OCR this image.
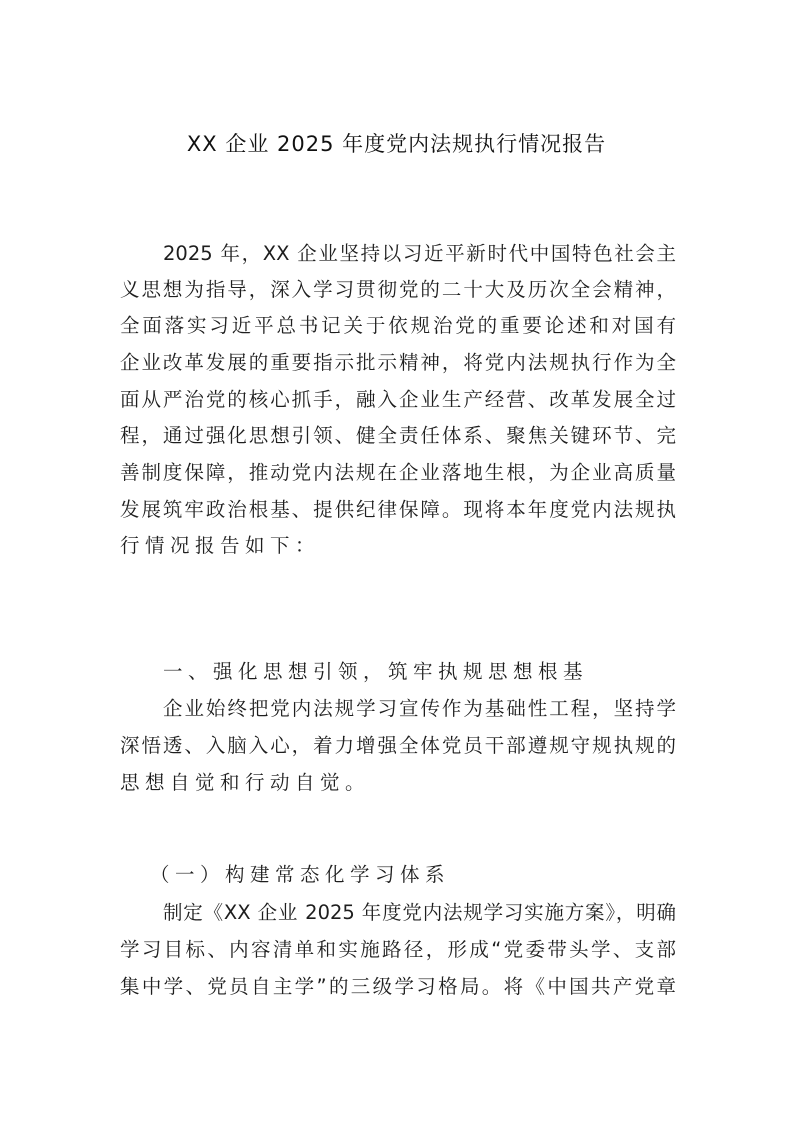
XX 企业 2025 年度党内法规执行情况报告
2025 年，XX 企业坚持以习近平新时代中国特色社会主
义思想为指导，深入学习贯彻党的二十大及历次全会精神，
全面落实习近平总书记关于依规治党的重要论述和对国有
企业改革发展的重要指示批示精神，将党内法规执行作为全
面从严治党的核心抓手，融入企业生产经营、改革发展全过
程，通过强化思想引领、健全责任体系、聚焦关键环节、完
善制度保障，推动党内法规在企业落地生根，为企业高质量
发展筑牢政治根基、提供纪律保障。现将本年度党内法规执
行情况报告如下：
一、强化思想引领，筑牢执规思想根基
企业始终把党内法规学习宣传作为基础性工程，坚持学
深悟透、入脑入心，着力增强全体党员干部遵规守规执规的
思想自觉和行动自觉。
（一）构建常态化学习体系
制定《XX 企业 2025 年度党内法规学习实施方案》，明确
学习目标、内容清单和实施路径，形成“党委带头学、支部
集中学、党员自主学”的三级学习格局。将《中国共产党章
